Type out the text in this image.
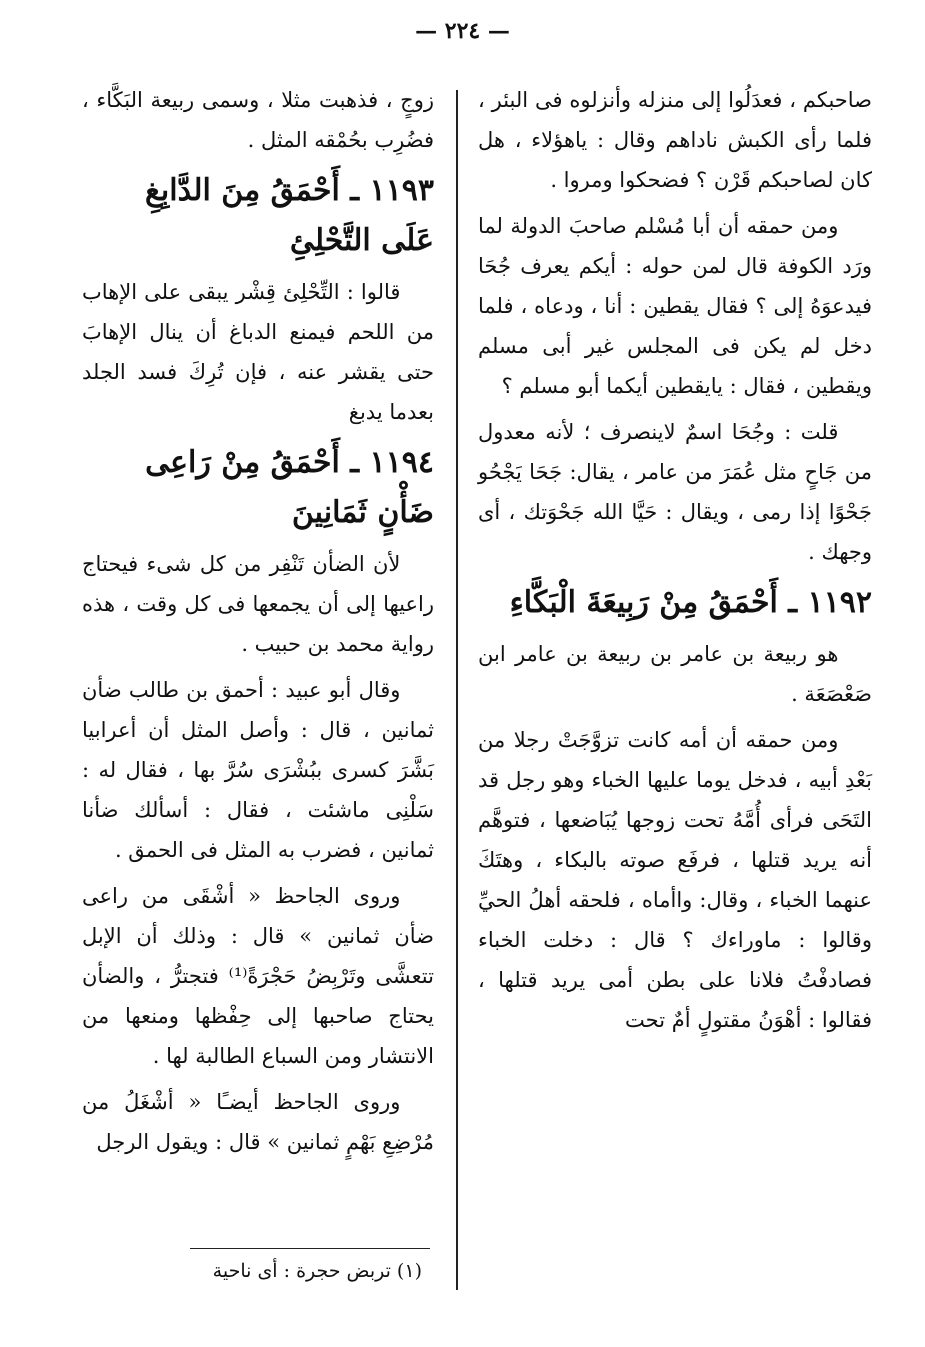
— ٢٢٤ —

صاحبكم ، فعدَلُوا إلى منزله وأنزلوه فى البئر ، فلما رأى الكبش ناداهم وقال : ياهؤلاء ، هل كان لصاحبكم قَرْن ؟ فضحكوا ومروا .

ومن حمقه أن أبا مُسْلم صاحبَ الدولة لما ورَد الكوفة قال لمن حوله : أيكم يعرف جُحَا فيدعوَهُ إلى ؟ فقال يقطين : أنا ، ودعاه ، فلما دخل لم يكن فى المجلس غير أبى مسلم ويقطين ، فقال : يايقطين أيكما أبو مسلم ؟

قلت : وجُحَا اسمٌ لاينصرف ؛ لأنه معدول من جَاحٍ مثل عُمَرَ من عامر ، يقال: جَحَا يَجْحُو جَحْوًا إذا رمى ، ويقال : حَيَّا الله جَحْوَتك ، أى وجهك .

١١٩٢ ـ أَحْمَقُ مِنْ رَبِيعَةَ الْبَكَّاءِ

هو ربيعة بن عامر بن ربيعة بن عامر ابن صَعْصَعَة .

ومن حمقه أن أمه كانت تزوَّجَتْ رجلا من بَعْدِ أبيه ، فدخل يوما عليها الخباء وهو رجل قد التَحَى فرأى أُمَّهُ تحت زوجها يُبَاضعها ، فتوهَّم أنه يريد قتلها ، فرفَع صوته بالبكاء ، وهتَكَ عنهما الخباء ، وقال: واأماه ، فلحقه أهلُ الحيِّ وقالوا : ماوراءك ؟ قال : دخلت الخباء فصادفْتُ فلانا على بطن أمى يريد قتلها ، فقالوا : أهْوَنُ مقتولٍ أمٌ تحت

زوجٍ ، فذهبت مثلا ، وسمى ربيعة البَكَّاء ، فضُرِب بحُمْقه المثل .

١١٩٣ ـ أَحْمَقُ مِنَ الدَّابِغِ عَلَى التَّحْلِئِ

قالوا : التِّحْلِئ قِشْر يبقى على الإهاب من اللحم فيمنع الدباغ أن ينال الإهابَ حتى يقشر عنه ، فإن تُرِكَ فسد الجلد بعدما يدبغ

١١٩٤ ـ أَحْمَقُ مِنْ رَاعِى ضَأْنٍ ثَمَانِينَ

لأن الضأن تَنْفِر من كل شىء فيحتاج راعيها إلى أن يجمعها فى كل وقت ، هذه رواية محمد بن حبيب .

وقال أبو عبيد : أحمق بن طالب ضأن ثمانين ، قال : وأصل المثل أن أعرابيا بَشَّرَ كسرى ببُشْرَى سُرَّ بها ، فقال له : سَلْنِى ماشئت ، فقال : أسألك ضأنا ثمانين ، فضرب به المثل فى الحمق .

وروى الجاحظ « أشْقَى من راعى ضأن ثمانين » قال : وذلك أن الإبل تتعشَّى وتَرْبِضُ حَجْرَةً⁽¹⁾ فتجترُّ ، والضأن يحتاج صاحبها إلى حِفْظها ومنعها من الانتشار ومن السباع الطالبة لها .

وروى الجاحظ أيضـًا « أشْغَلُ من مُرْضِعِ بَهْمٍ ثمانين » قال : ويقول الرجل

(١) تربض حجرة : أى ناحية
